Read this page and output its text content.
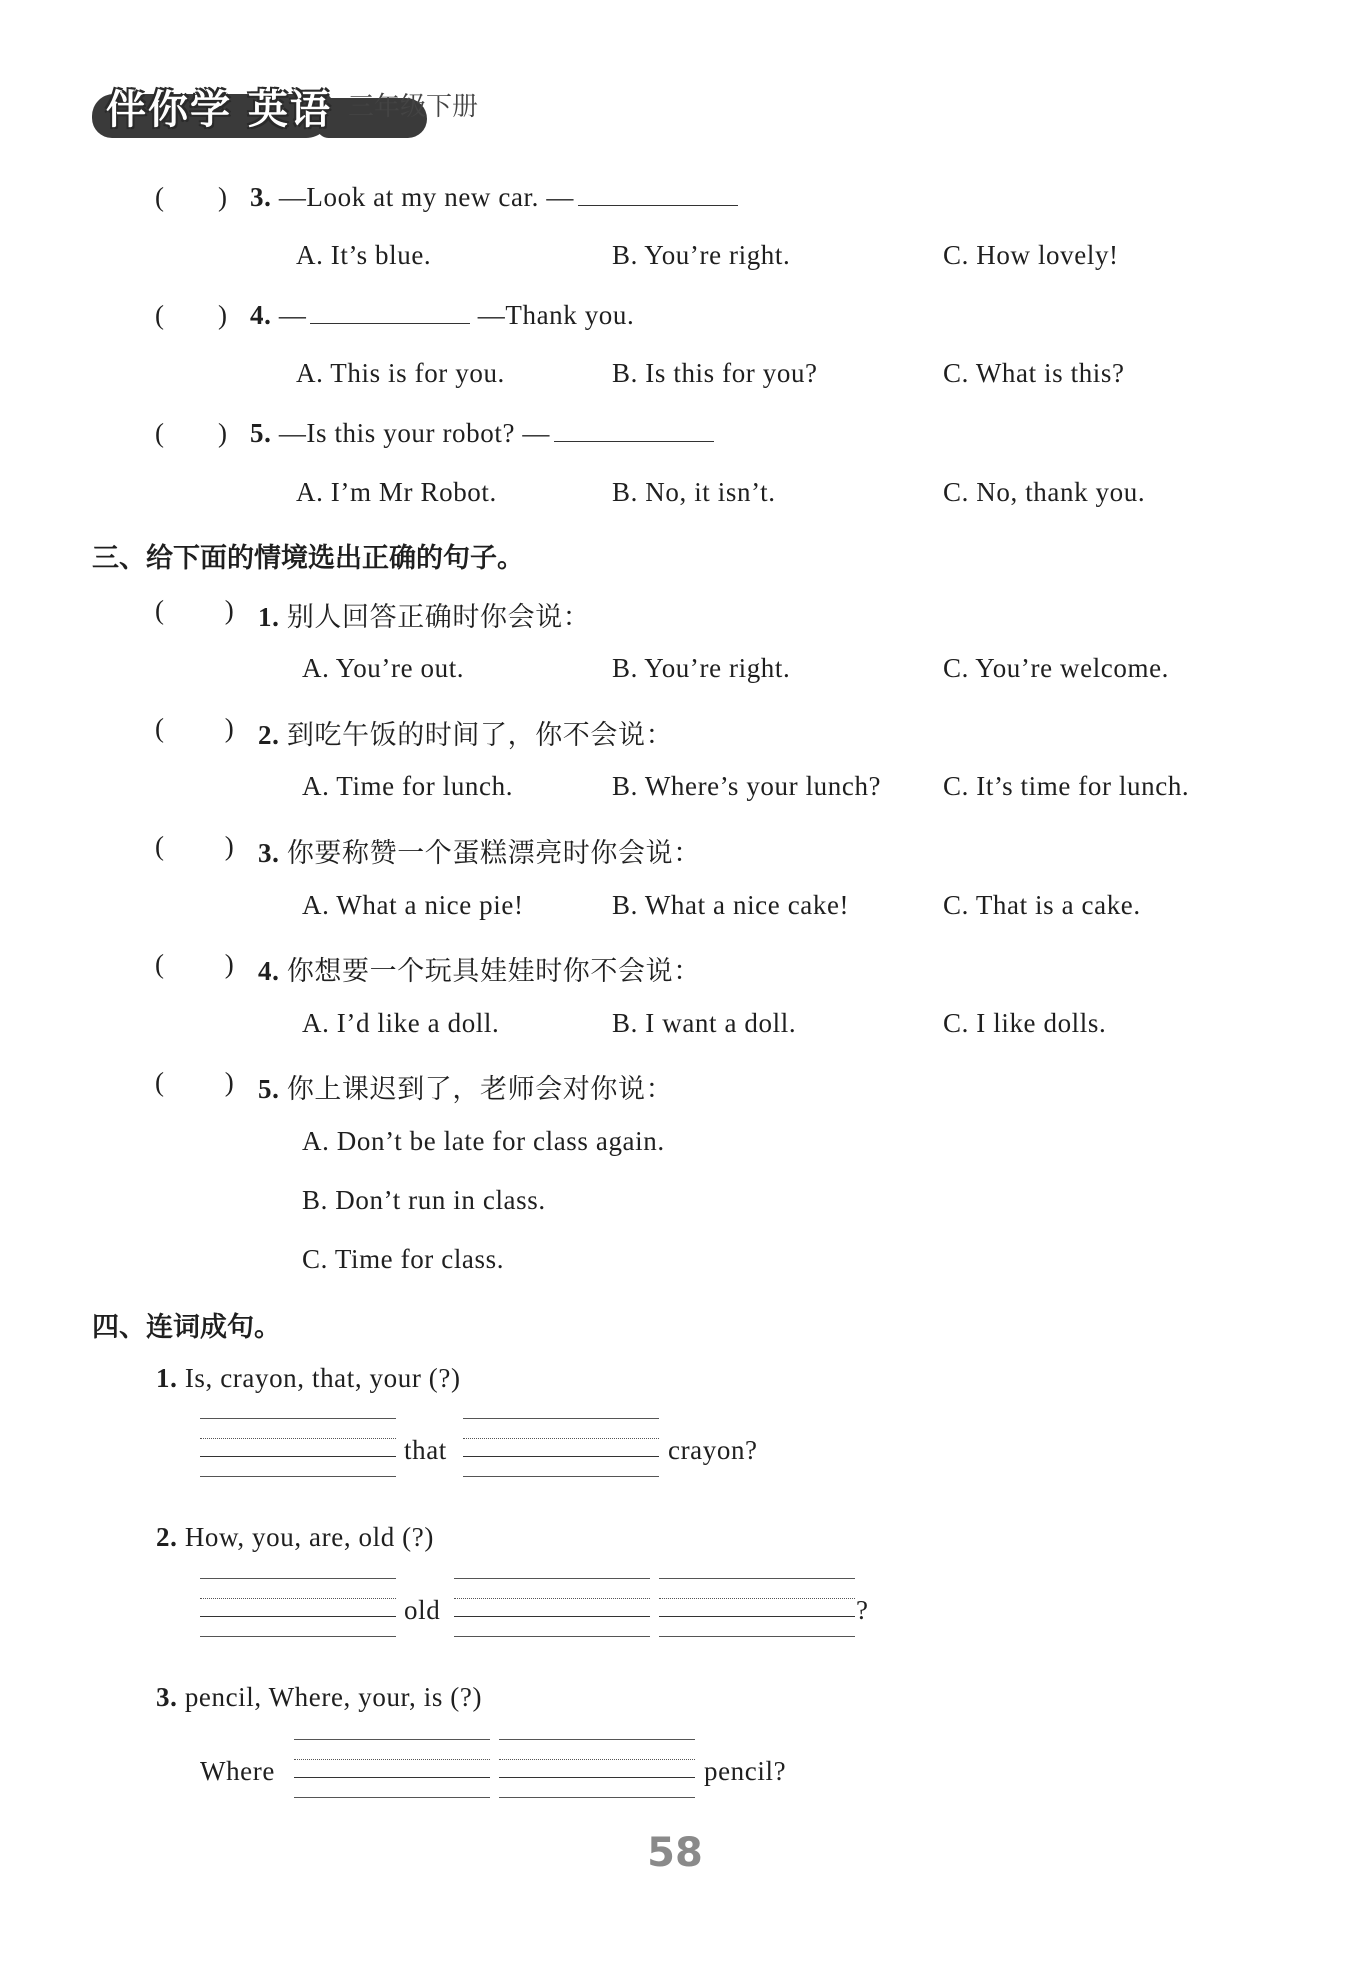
伴你学 英语 三年级下册
(        ) 3. —Look at my new car. —
A. It’s blue.	B. You’re right.	C. How lovely!
(        ) 4. —	—Thank you.
A. This is for you.	B. Is this for you?	C. What is this?
(        ) 5. —Is this your robot? —
A. I’m Mr Robot.	B. No, it isn’t.	C. No, thank you.
三、给下面的情境选出正确的句子。
(         ) 1. 别人回答正确时你会说：
A. You’re out.	B. You’re right.	C. You’re welcome.
(         ) 2. 到吃午饭的时间了，你不会说：
A. Time for lunch.	B. Where’s your lunch? C. It’s time for lunch.
(         ) 3. 你要称赞一个蛋糕漂亮时你会说：
A. What a nice pie!	B. What a nice cake!	C. That is a cake.
(         ) 4. 你想要一个玩具娃娃时你不会说：
A. I’d like a doll.	B. I want a doll.	C. I like dolls.
(         ) 5. 你上课迟到了，老师会对你说：
A. Don’t be late for class again.
B. Don’t run in class.
C. Time for class.
四、连词成句。
1. Is, crayon, that, your (?)
that	crayon?
2. How, you, are, old (?)
old	?
3. pencil, Where, your, is (?)
Where	pencil?
58
